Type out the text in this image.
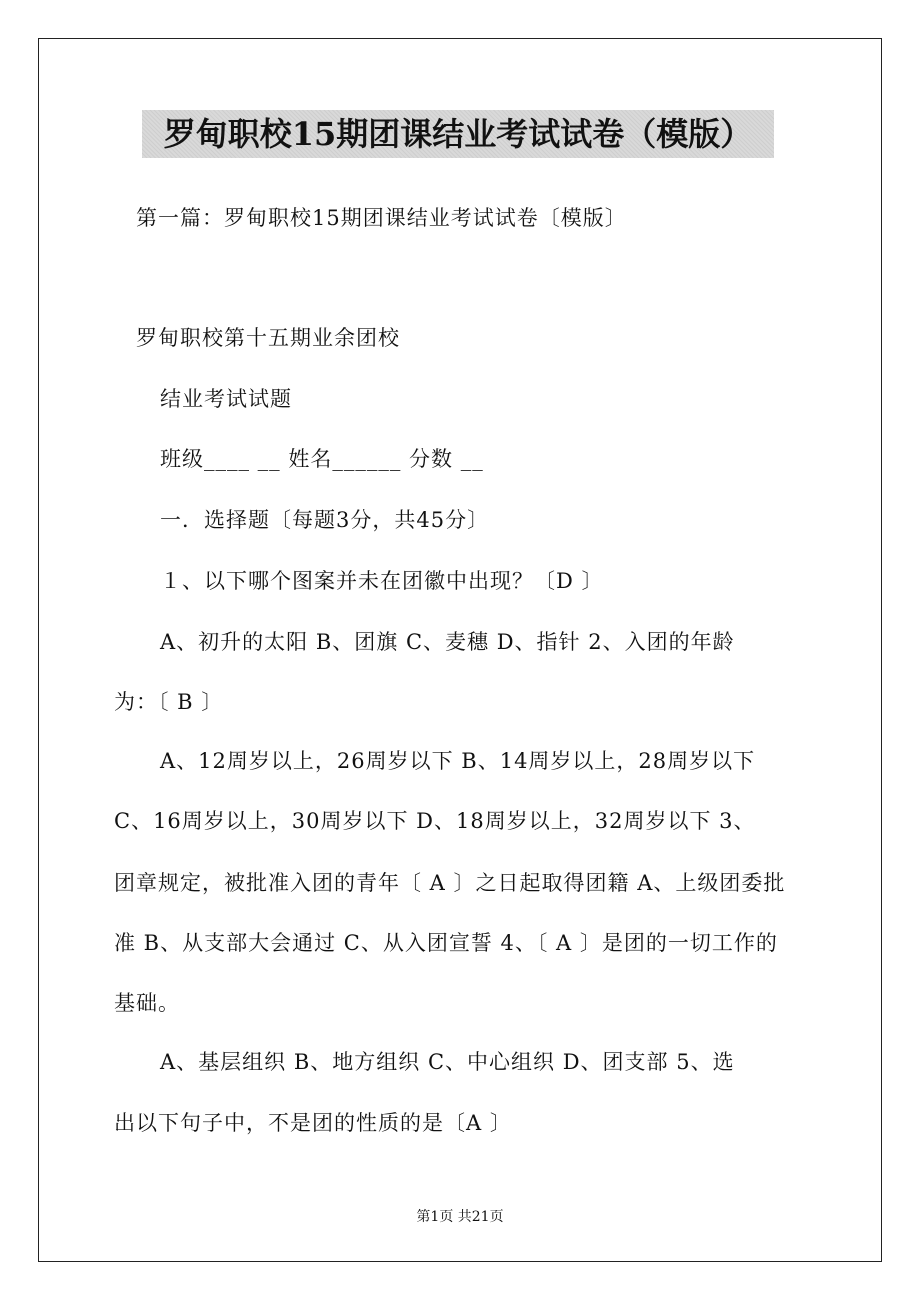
罗甸职校15期团课结业考试试卷（模版）
第一篇：罗甸职校15期团课结业考试试卷〔模版〕
罗甸职校第十五期业余团校
结业考试试题
班级____ __ 姓名______ 分数 __
一．选择题〔每题3分，共45分〕
１、以下哪个图案并未在团徽中出现？〔D 〕
A、初升的太阳 B、团旗 C、麦穗 D、指针 2、入团的年龄
为：〔 B 〕
A、12周岁以上，26周岁以下 B、14周岁以上，28周岁以下
C、16周岁以上，30周岁以下 D、18周岁以上，32周岁以下 3、
团章规定，被批准入团的青年〔 A 〕之日起取得团籍 A、上级团委批
准 B、从支部大会通过 C、从入团宣誓 4、〔 A 〕是团的一切工作的
基础。
A、基层组织 B、地方组织 C、中心组织 D、团支部 5、选
出以下句子中，不是团的性质的是〔A 〕
第1页 共21页
